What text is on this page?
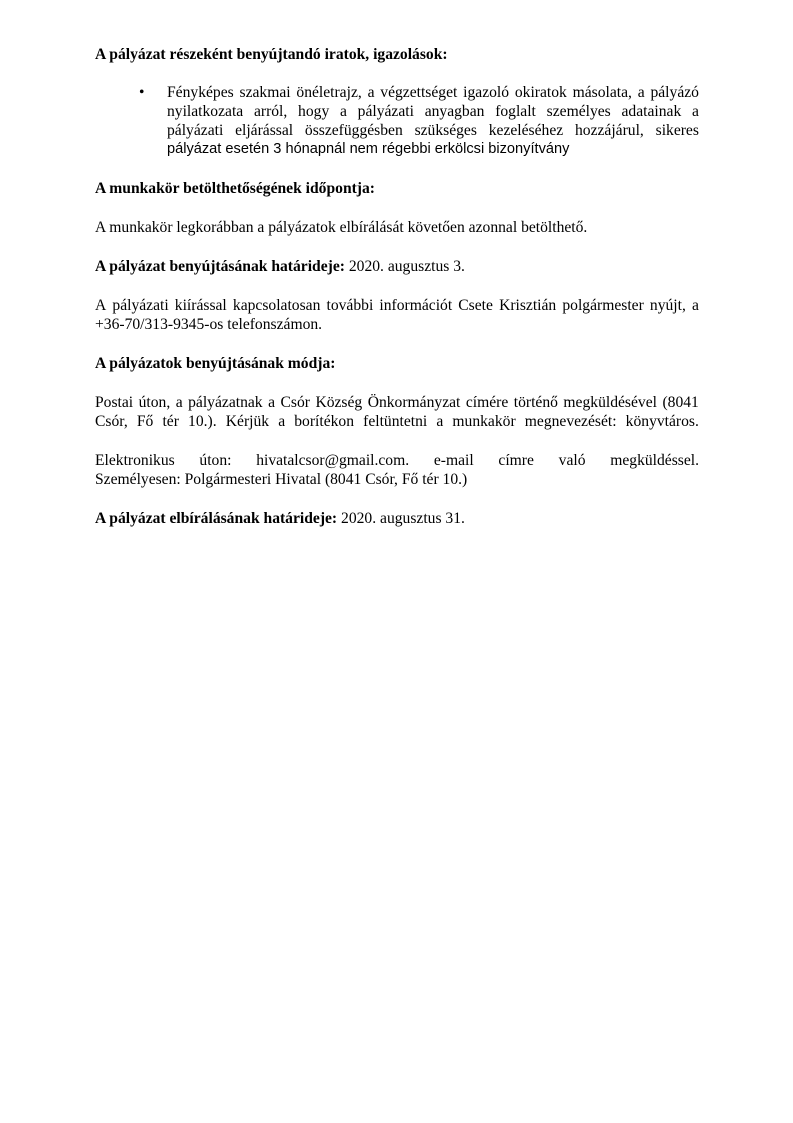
A pályázat részeként benyújtandó iratok, igazolások:
• Fényképes szakmai önéletrajz, a végzettséget igazoló okiratok másolata, a pályázó
nyilatkozata arról, hogy a pályázati anyagban foglalt személyes adatainak a
pályázati eljárással összefüggésben szükséges kezeléséhez hozzájárul, sikeres
pályázat esetén 3 hónapnál nem régebbi erkölcsi bizonyítvány
A munkakör betölthetőségének időpontja:
A munkakör legkorábban a pályázatok elbírálását követően azonnal betölthető.
A pályázat benyújtásának határideje: 2020. augusztus 3.
A pályázati kiírással kapcsolatosan további információt Csete Krisztián polgármester nyújt, a
+36-70/313-9345-os telefonszámon.
A pályázatok benyújtásának módja:
Postai úton, a pályázatnak a Csór Község Önkormányzat címére történő megküldésével (8041
Csór, Fő tér 10.). Kérjük a borítékon feltüntetni a munkakör megnevezését: könyvtáros.
Elektronikus úton: hivatalcsor@gmail.com. e-mail címre való megküldéssel.
Személyesen: Polgármesteri Hivatal (8041 Csór, Fő tér 10.)
A pályázat elbírálásának határideje: 2020. augusztus 31.
